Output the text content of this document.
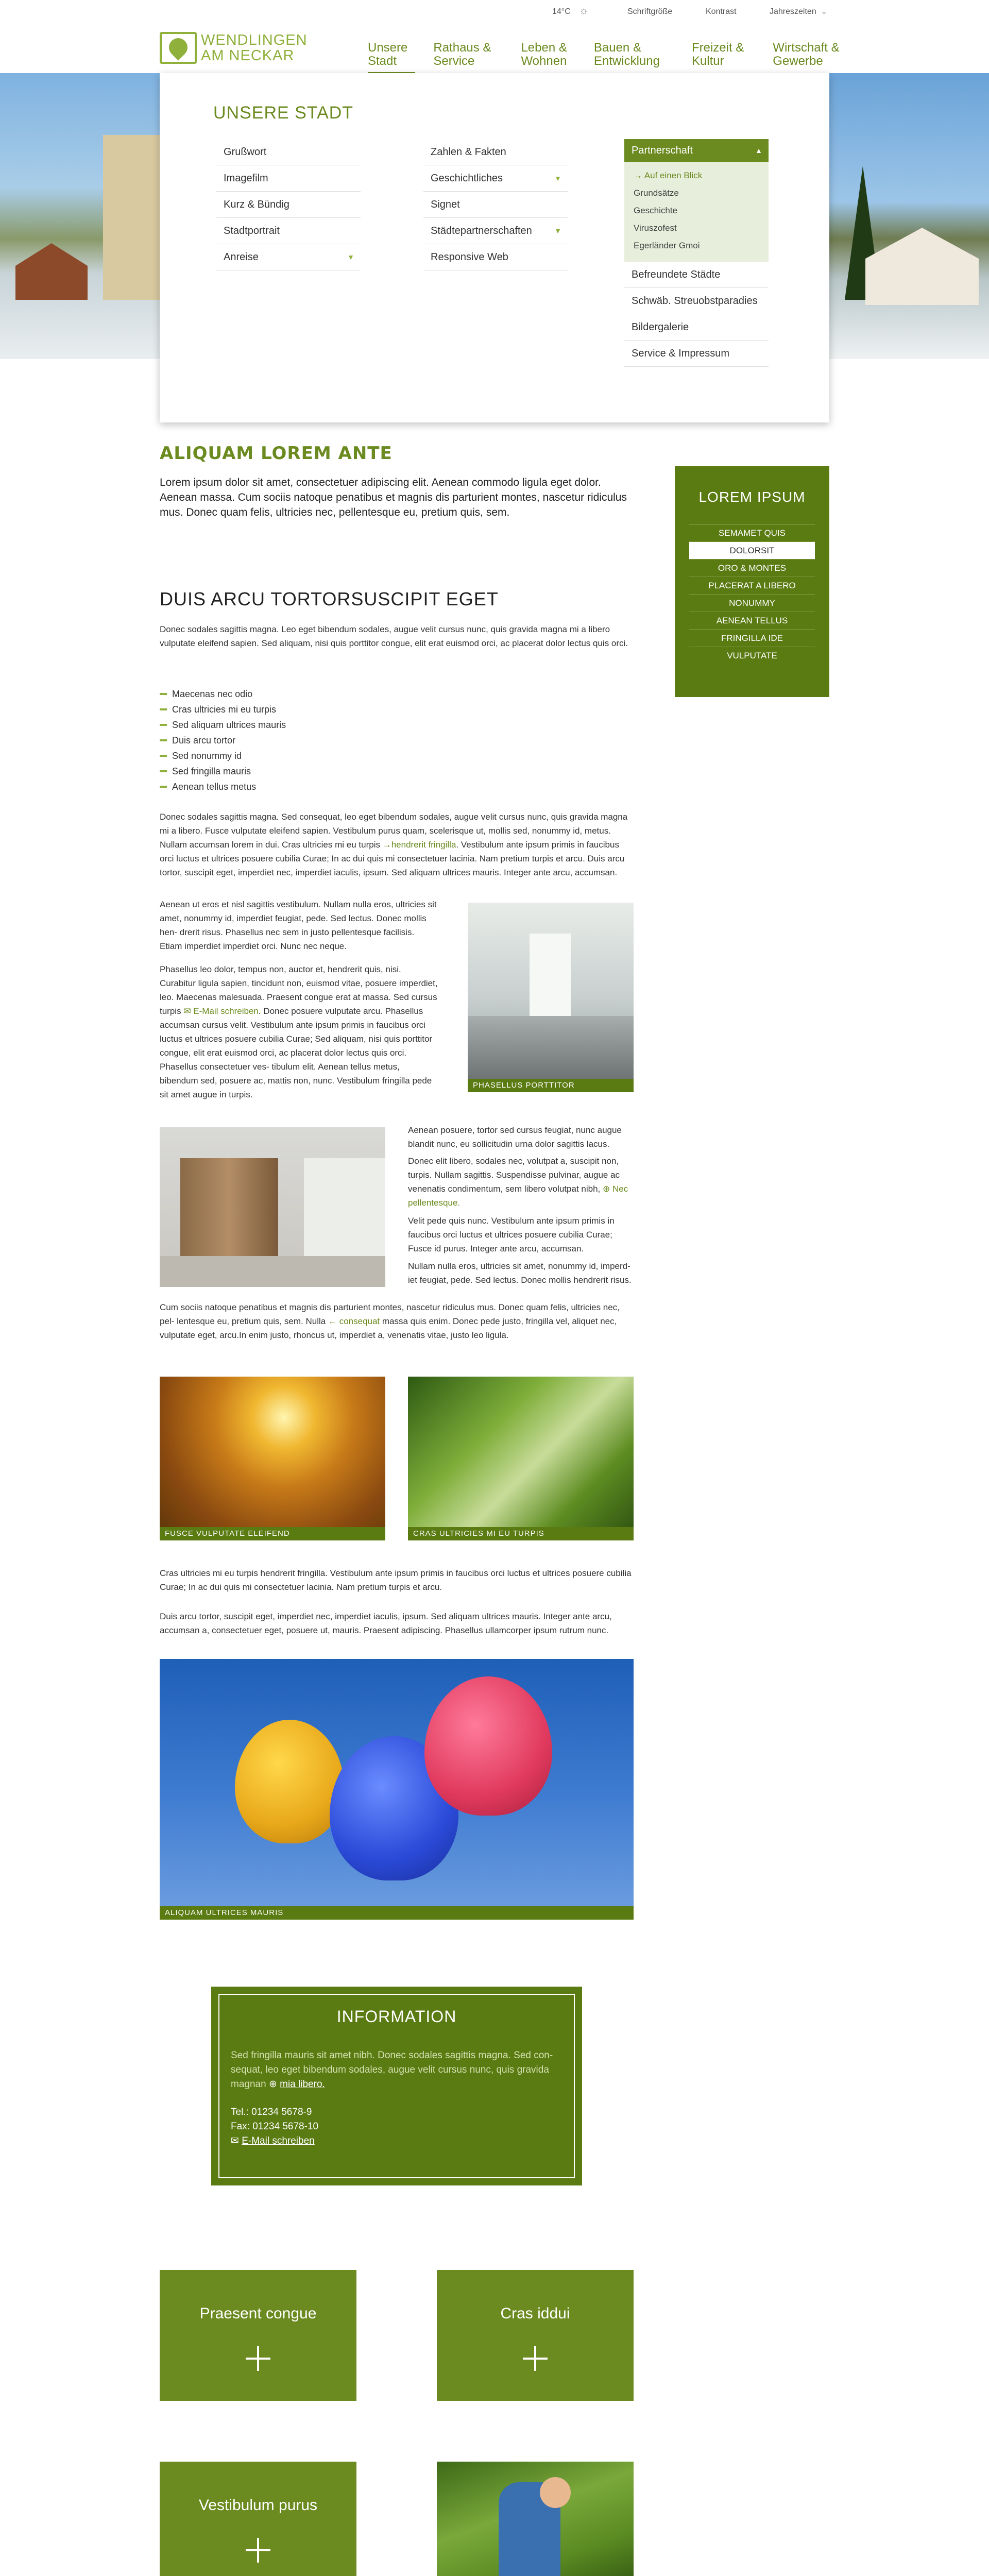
14°C ☼	Schriftgröße	Kontrast	Jahreszeiten ⌄
WENDLINGEN
AM NECKAR	Unsere
Stadt
Rathaus &
Service
Leben &
Wohnen
Bauen &
Entwicklung
Freizeit &
Kultur
Wirtschaft &
Gewerbe
UNSERE STADT
Grußwort
Imagefilm
Kurz & Bündig
Stadtportrait
Anreise	▼
Zahlen & Fakten
Geschichtliches	▼
Signet
Städtepartnerschaften	▼
Responsive Web
Partnerschaft	▲
→ Auf einen Blick
Grundsätze
Geschichte
Viruszofest
Egerländer Gmoi
Befreundete Städte
Schwäb. Streuobstparadies
Bildergalerie
Service & Impressum
ALIQUAM LOREM ANTE
Lorem ipsum dolor sit amet, consectetuer adipiscing elit. Aenean commodo ligula eget dolor. Aenean massa. Cum sociis natoque penatibus et magnis dis parturient montes, nascetur ridiculus mus. Donec quam felis, ultricies nec, pellentesque eu, pretium quis, sem.
DUIS ARCU TORTORSUSCIPIT EGET

Donec sodales sagittis magna. Leo eget bibendum sodales, augue velit cursus nunc, quis gravida magna mi a libero vulputate eleifend sapien. Sed aliquam, nisi quis porttitor congue, elit erat euismod orci, ac placerat dolor lectus quis orci.

Maecenas nec odio
Cras ultricies mi eu turpis
Sed aliquam ultrices mauris
Duis arcu tortor
Sed nonummy id
Sed fringilla mauris
Aenean tellus metus

Donec sodales sagittis magna. Sed consequat, leo eget bibendum sodales, augue velit cursus nunc, quis gravida magna mi a libero. Fusce vulputate eleifend sapien. Vestibulum purus quam, scelerisque ut, mollis sed, nonummy id, metus. Nullam accumsan lorem in dui. Cras ultricies mi eu turpis →hendrerit fringilla. Vestibulum ante ipsum primis in faucibus orci luctus et ultrices posuere cubilia Curae; In ac dui quis mi consectetuer lacinia. Nam pretium turpis et arcu. Duis arcu tortor, suscipit eget, imperdiet nec, imperdiet iaculis, ipsum. Sed aliquam ultrices mauris. Integer ante arcu, accumsan.

Aenean ut eros et nisl sagittis vestibulum. Nullam nulla eros, ultricies sit amet, nonummy id, imperdiet feugiat, pede. Sed lectus. Donec mollis hen- drerit risus. Phasellus nec sem in justo pellentesque facilisis. Etiam imperdiet imperdiet orci. Nunc nec neque.

Phasellus leo dolor, tempus non, auctor et, hendrerit quis, nisi. Curabitur ligula sapien, tincidunt non, euismod vitae, posuere imperdiet, leo. Maecenas malesuada. Praesent congue erat at massa. Sed cursus turpis ✉ E-Mail schreiben. Donec posuere vulputate arcu. Phasellus accumsan cursus velit. Vestibulum ante ipsum primis in faucibus orci luctus et ultrices posuere cubilia Curae; Sed aliquam, nisi quis porttitor congue, elit erat euismod orci, ac placerat dolor lectus quis orci. Phasellus consectetuer ves- tibulum elit. Aenean tellus metus, bibendum sed, posuere ac, mattis non, nunc. Vestibulum fringilla pede sit amet augue in turpis.

PHASELLUS PORTTITOR

Aenean posuere, tortor sed cursus feugiat, nunc augue blandit nunc, eu sollicitudin urna dolor sagittis lacus.

Donec elit libero, sodales nec, volutpat a, suscipit non, turpis. Nullam sagittis. Suspendisse pulvinar, augue ac venenatis condimentum, sem libero volutpat nibh, ⊕ Nec pellentesque.

Velit pede quis nunc. Vestibulum ante ipsum primis in faucibus orci luctus et ultrices posuere cubilia Curae; Fusce id purus. Integer ante arcu, accumsan.

Nullam nulla eros, ultricies sit amet, nonummy id, imperd- iet feugiat, pede. Sed lectus. Donec mollis hendrerit risus.

Cum sociis natoque penatibus et magnis dis parturient montes, nascetur ridiculus mus. Donec quam felis, ultricies nec, pel- lentesque eu, pretium quis, sem. Nulla ← consequat massa quis enim. Donec pede justo, fringilla vel, aliquet nec, vulputate eget, arcu.In enim justo, rhoncus ut, imperdiet a, venenatis vitae, justo leo ligula.

FUSCE VULPUTATE ELEIFEND	CRAS ULTRICIES MI EU TURPIS

Cras ultricies mi eu turpis hendrerit fringilla. Vestibulum ante ipsum primis in faucibus orci luctus et ultrices posuere cubilia Curae; In ac dui quis mi consectetuer lacinia. Nam pretium turpis et arcu.

Duis arcu tortor, suscipit eget, imperdiet nec, imperdiet iaculis, ipsum. Sed aliquam ultrices mauris. Integer ante arcu, accumsan a, consectetuer eget, posuere ut, mauris. Praesent adipiscing. Phasellus ullamcorper ipsum rutrum nunc.

ALIQUAM ULTRICES MAURIS
LOREM IPSUM
SEMAMET QUIS
DOLORSIT
ORO & MONTES
PLACERAT A LIBERO
NONUMMY
AENEAN TELLUS
FRINGILLA IDE
VULPUTATE
INFORMATION

Sed fringilla mauris sit amet nibh. Donec sodales sagittis magna. Sed con- sequat, leo eget bibendum sodales, augue velit cursus nunc, quis gravida magnan ⊕ mia libero.

Tel.: 01234 5678-9

Fax: 01234 5678-10

✉ E-Mail schreiben

Praesent congue	Cras iddui
Vestibulum purus
